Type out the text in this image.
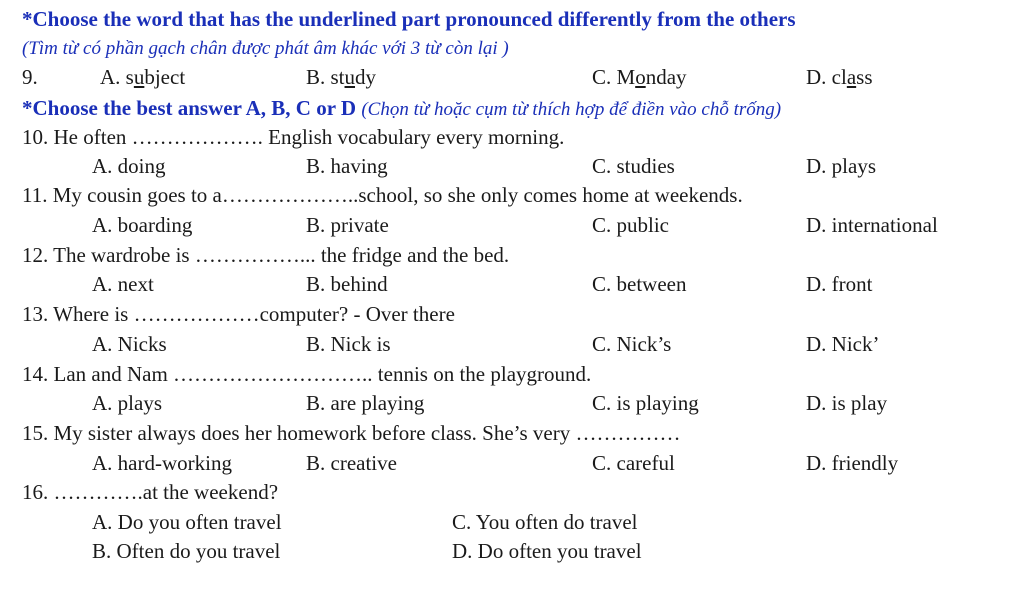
*Choose the word that has the underlined part pronounced differently from the others
(Tìm từ có phần gạch chân được phát âm khác với 3 từ còn lại )
9.	A. subject	B. study	C. Monday	D. class
*Choose the best answer A, B, C or D (Chọn từ hoặc cụm từ thích hợp để điền vào chỗ trống)
10. He often ………………. English vocabulary every morning.
A. doing	B. having	C. studies	D. plays
11. My cousin goes to a………………..school, so she only comes home at weekends.
A. boarding	B. private	C. public	D. international
12. The wardrobe is ……………... the fridge and the bed.
A. next	B. behind	C. between	D. front
13. Where is ………………computer? - Over there
A. Nicks	B. Nick is	C. Nick’s	D. Nick’
14. Lan and Nam ……………………….. tennis on the playground.
A. plays	B. are playing	C. is playing	D. is play
15. My sister always does her homework before class. She’s very ……………
A. hard-working	B. creative	C. careful	D. friendly
16. ………….at the weekend?
A. Do you often travel	C. You often do travel
B. Often do you travel	D. Do often you travel
